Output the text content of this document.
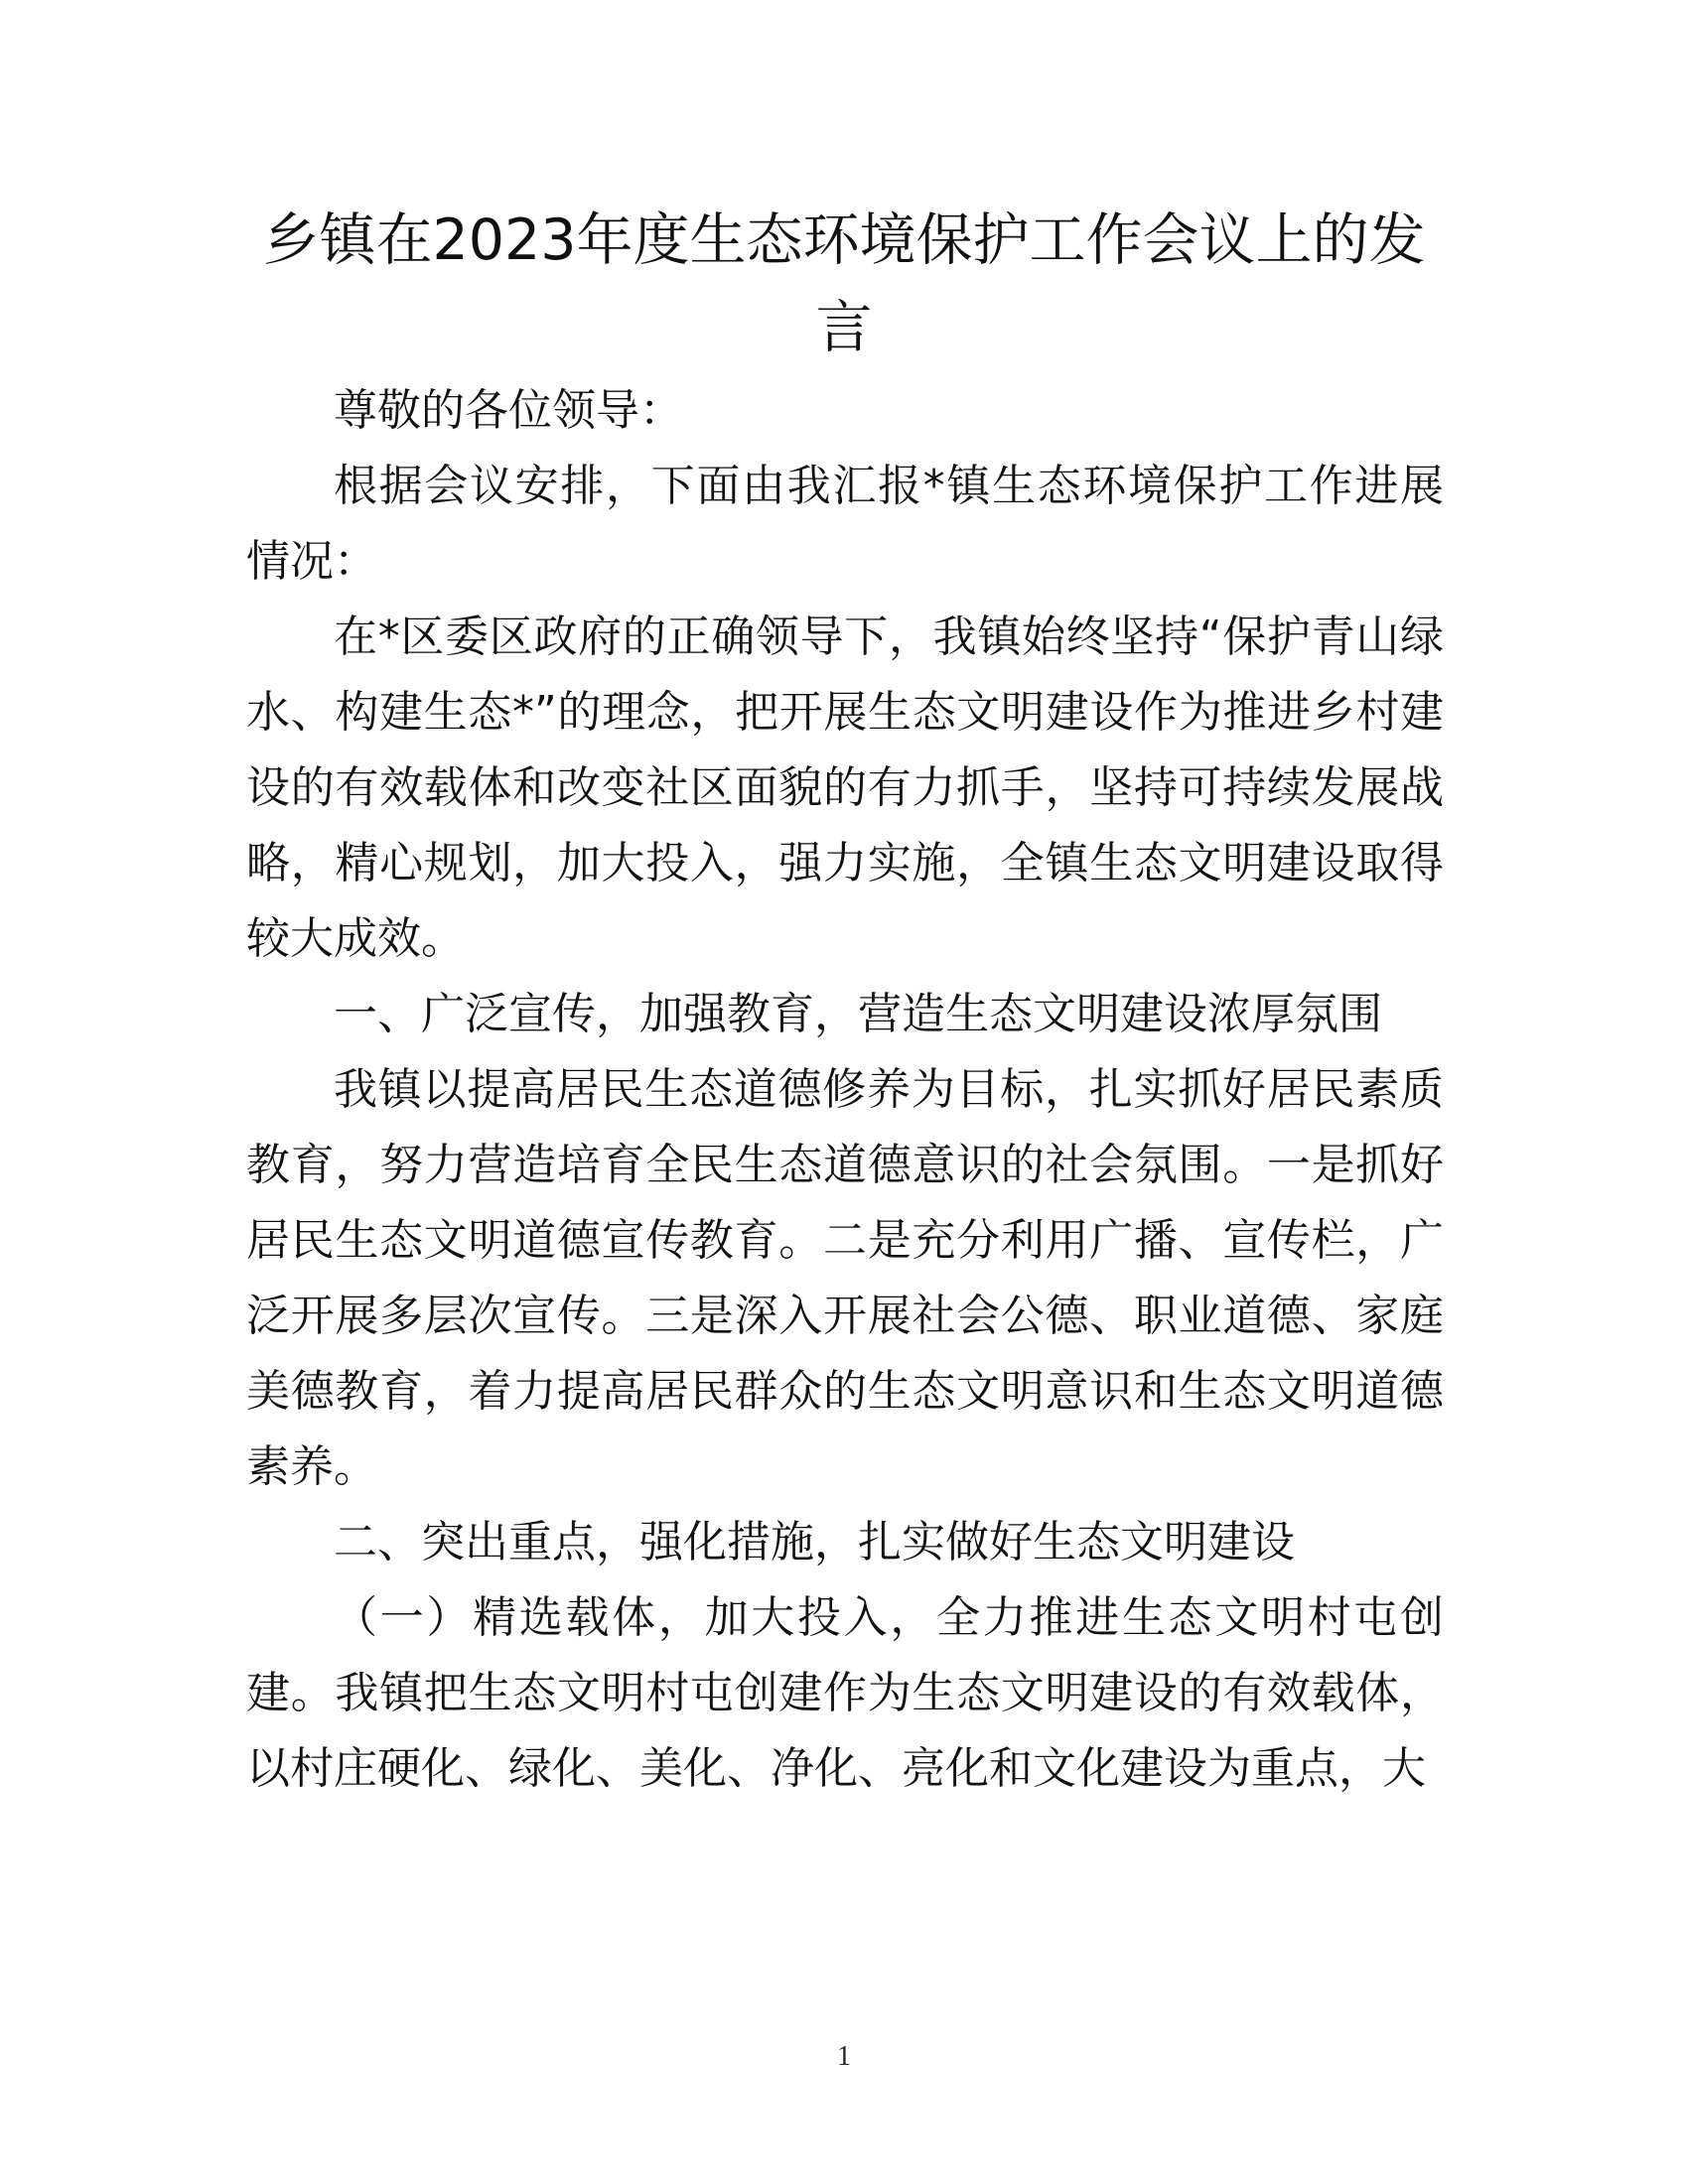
乡镇在2023年度生态环境保护工作会议上的发言

尊敬的各位领导：

根据会议安排，下面由我汇报*镇生态环境保护工作进展情况：

在*区委区政府的正确领导下，我镇始终坚持“保护青山绿水、构建生态*”的理念，把开展生态文明建设作为推进乡村建设的有效载体和改变社区面貌的有力抓手，坚持可持续发展战略，精心规划，加大投入，强力实施，全镇生态文明建设取得较大成效。

一、广泛宣传，加强教育，营造生态文明建设浓厚氛围

我镇以提高居民生态道德修养为目标，扎实抓好居民素质教育，努力营造培育全民生态道德意识的社会氛围。一是抓好居民生态文明道德宣传教育。二是充分利用广播、宣传栏，广泛开展多层次宣传。三是深入开展社会公德、职业道德、家庭美德教育，着力提高居民群众的生态文明意识和生态文明道德素养。

二、突出重点，强化措施，扎实做好生态文明建设

（一）精选载体，加大投入，全力推进生态文明村屯创建。我镇把生态文明村屯创建作为生态文明建设的有效载体，以村庄硬化、绿化、美化、净化、亮化和文化建设为重点，大

1
